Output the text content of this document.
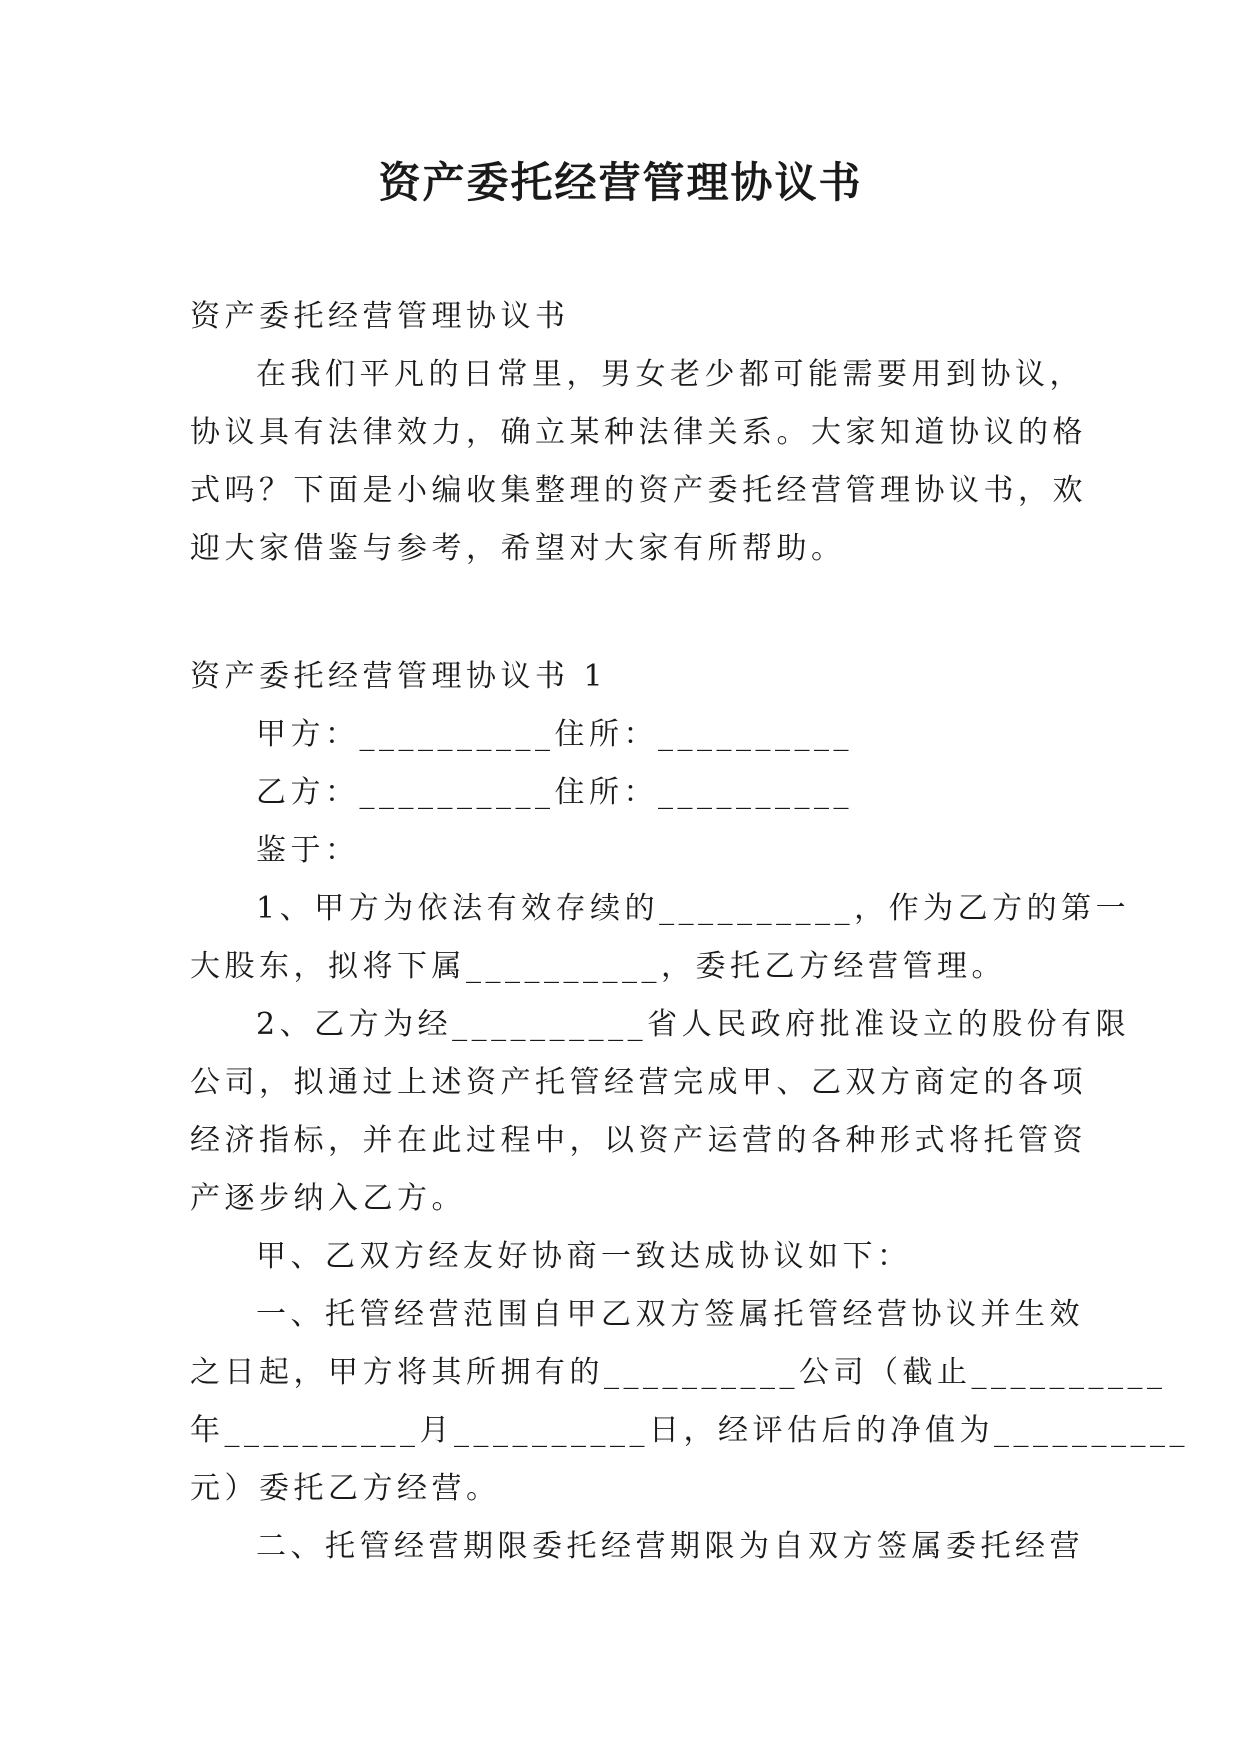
资产委托经营管理协议书
资产委托经营管理协议书
在我们平凡的日常里，男女老少都可能需要用到协议，
协议具有法律效力，确立某种法律关系。大家知道协议的格
式吗？下面是小编收集整理的资产委托经营管理协议书，欢
迎大家借鉴与参考，希望对大家有所帮助。
资产委托经营管理协议书 1
甲方：__________住所：__________
乙方：__________住所：__________
鉴于：
1、甲方为依法有效存续的__________，作为乙方的第一
大股东，拟将下属__________，委托乙方经营管理。
2、乙方为经__________省人民政府批准设立的股份有限
公司，拟通过上述资产托管经营完成甲、乙双方商定的各项
经济指标，并在此过程中，以资产运营的各种形式将托管资
产逐步纳入乙方。
甲、乙双方经友好协商一致达成协议如下：
一、托管经营范围自甲乙双方签属托管经营协议并生效
之日起，甲方将其所拥有的__________公司（截止__________
年__________月__________日，经评估后的净值为__________
元）委托乙方经营。
二、托管经营期限委托经营期限为自双方签属委托经营
